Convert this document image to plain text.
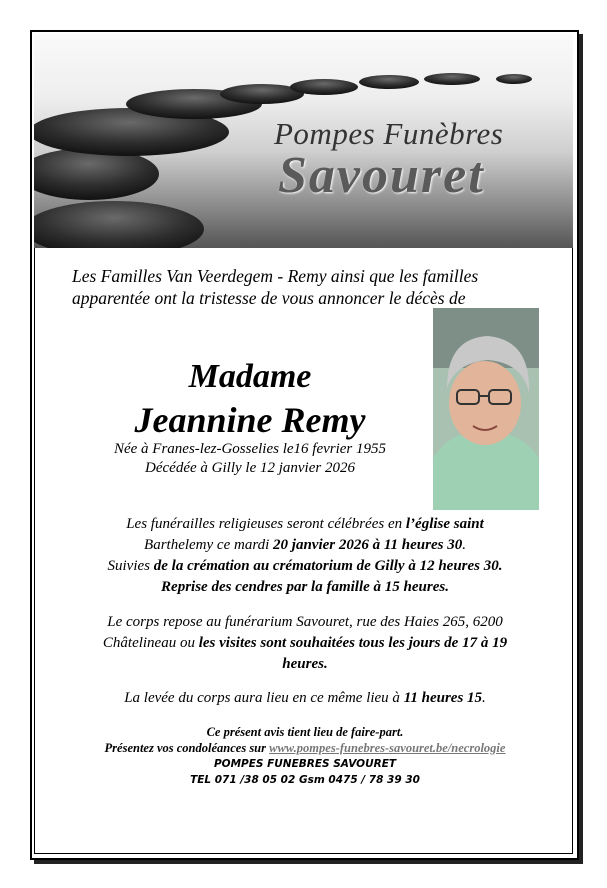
Pompes Funèbres
Savouret
Les Familles Van Veerdegem - Remy ainsi que les familles apparentée ont la tristesse de vous annoncer le décès de
Madame
Jeannine Remy
Née à Franes-lez-Gosselies le16 fevrier 1955
Décédée à Gilly le 12 janvier 2026
Les funérailles religieuses seront célébrées en l’église saint
Barthelemy ce mardi 20 janvier 2026 à 11 heures 30.
Suivies de la crémation au crématorium de Gilly à 12 heures 30.
Reprise des cendres par la famille à 15 heures.
Le corps repose au funérarium Savouret, rue des Haies 265, 6200
Châtelineau ou les visites sont souhaitées tous les jours de 17 à 19
heures.
La levée du corps aura lieu en ce même lieu à 11 heures 15.
Ce présent avis tient lieu de faire-part.
Présentez vos condoléances sur www.pompes-funebres-savouret.be/necrologie
POMPES FUNEBRES SAVOURET
TEL 071 /38 05 02 Gsm 0475 / 78 39 30
